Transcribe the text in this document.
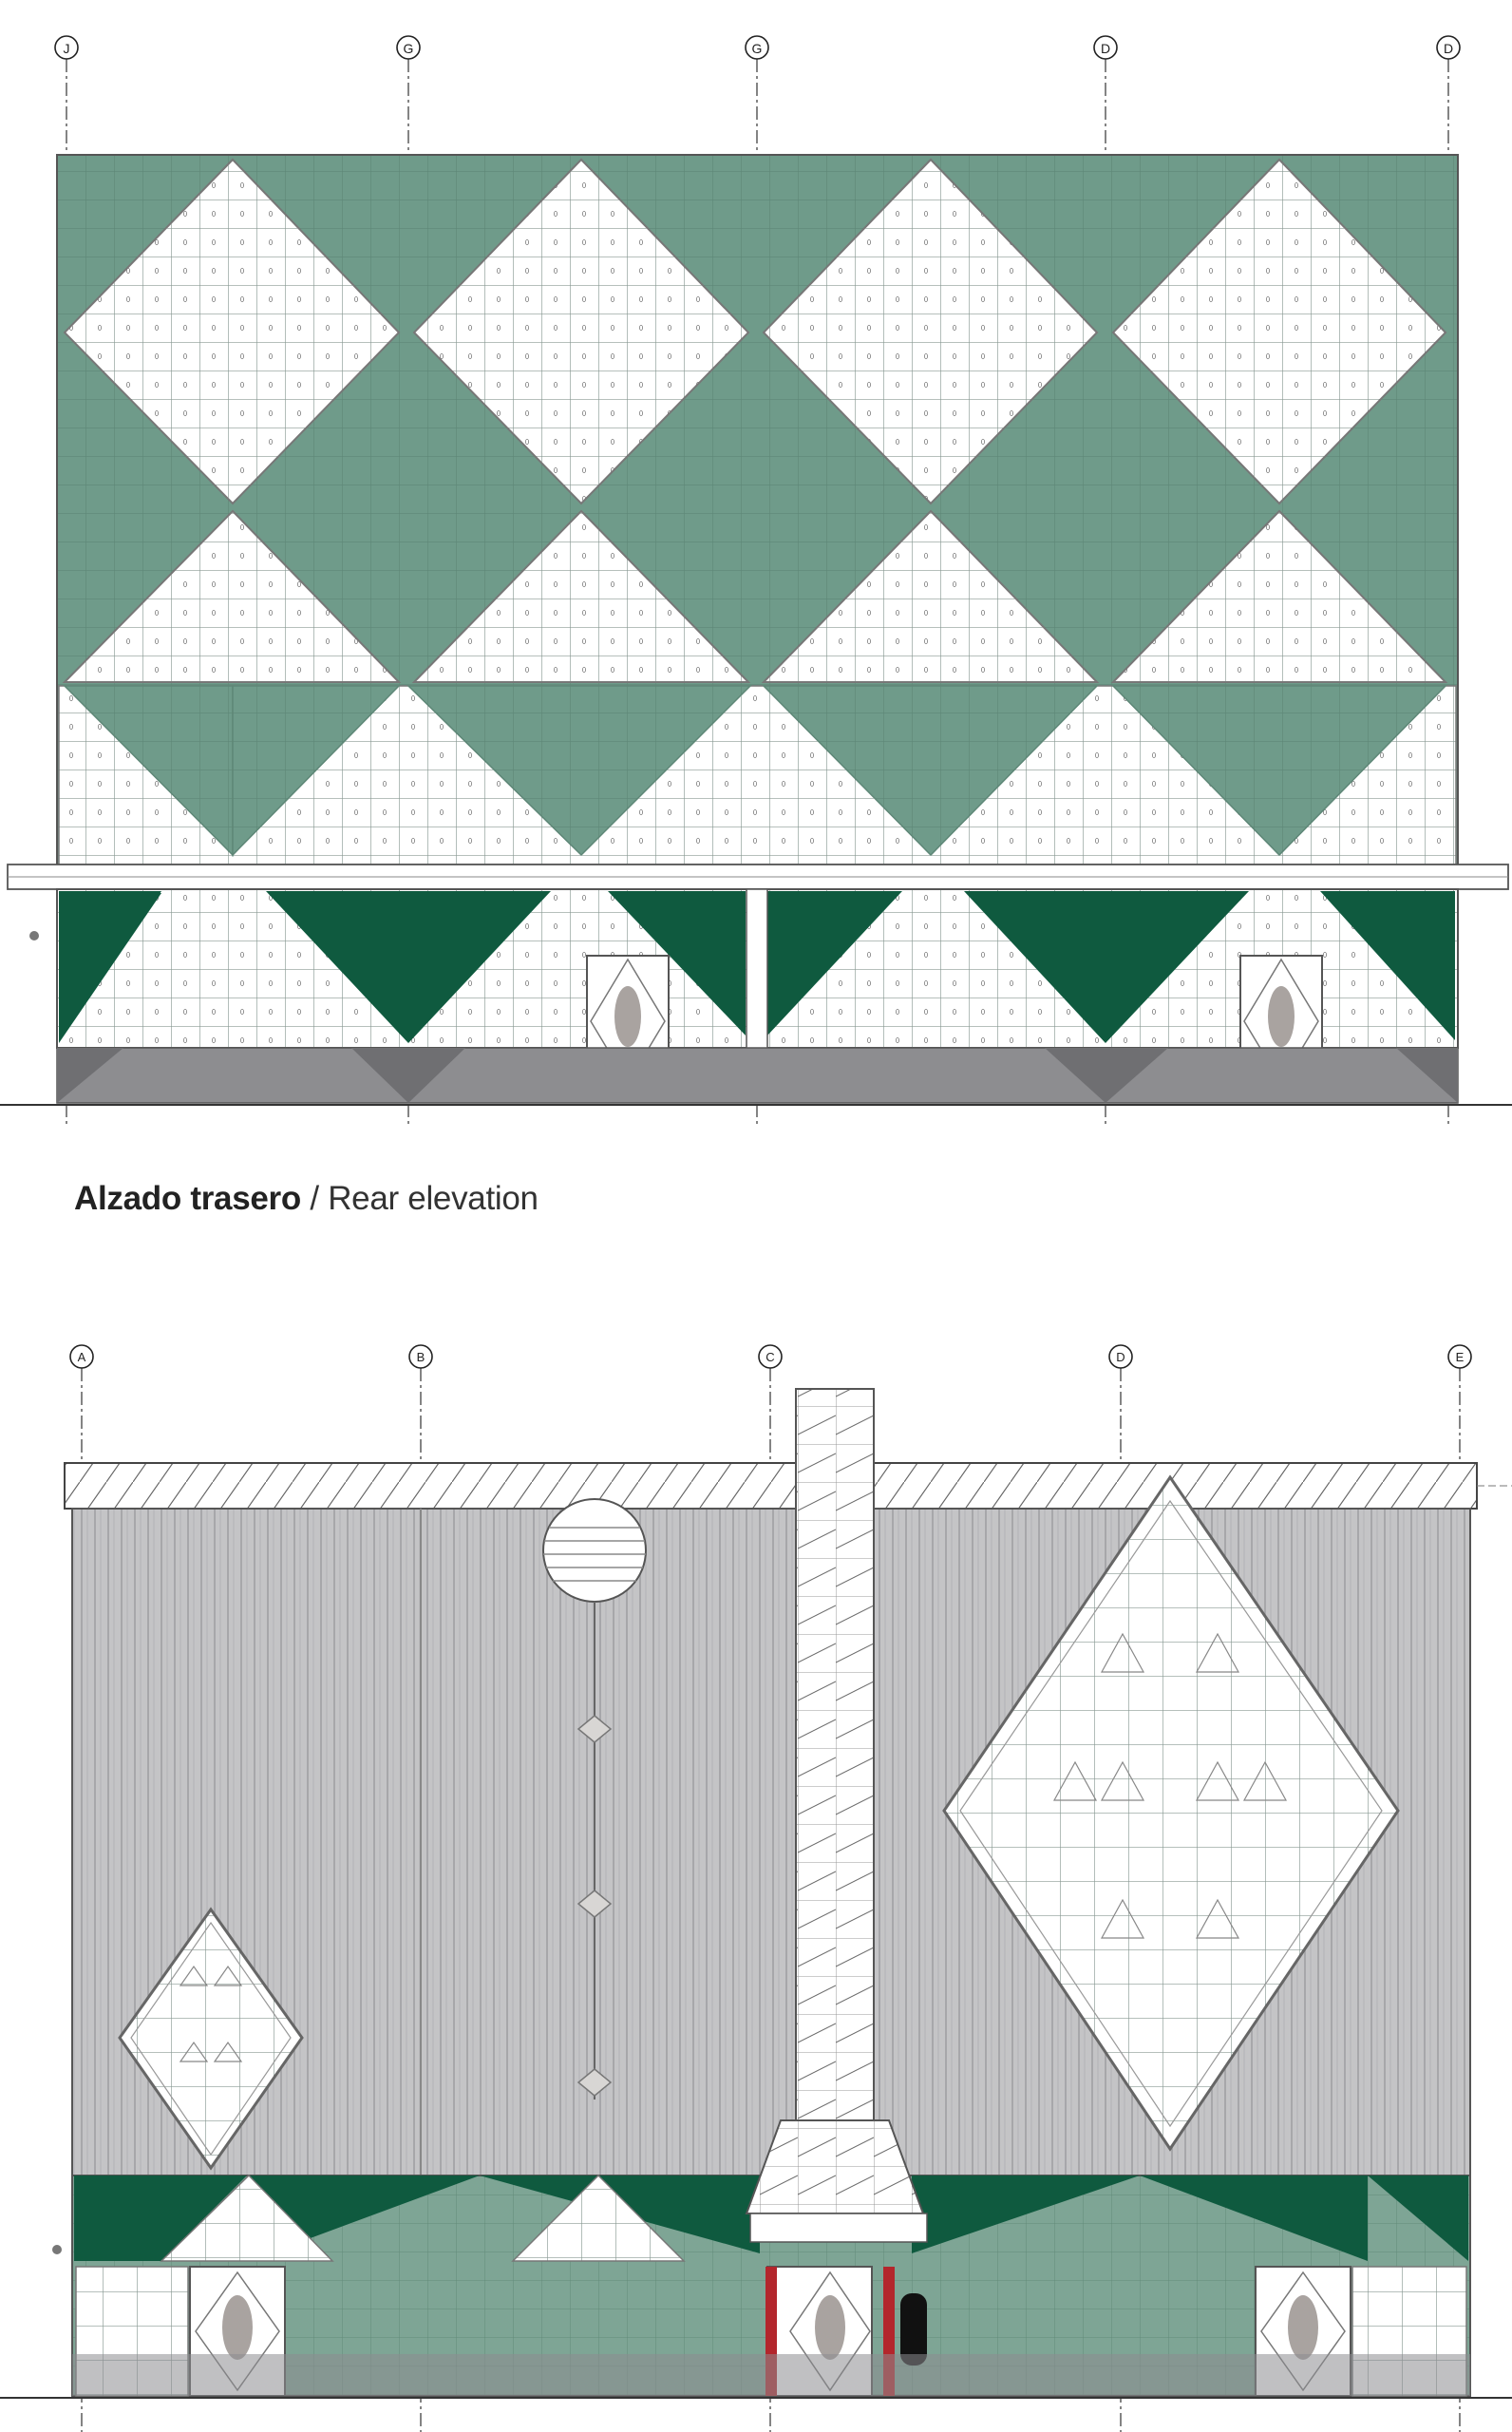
J	G	G	D	D
A	B	C	D	E
Alzado trasero / Rear elevation
